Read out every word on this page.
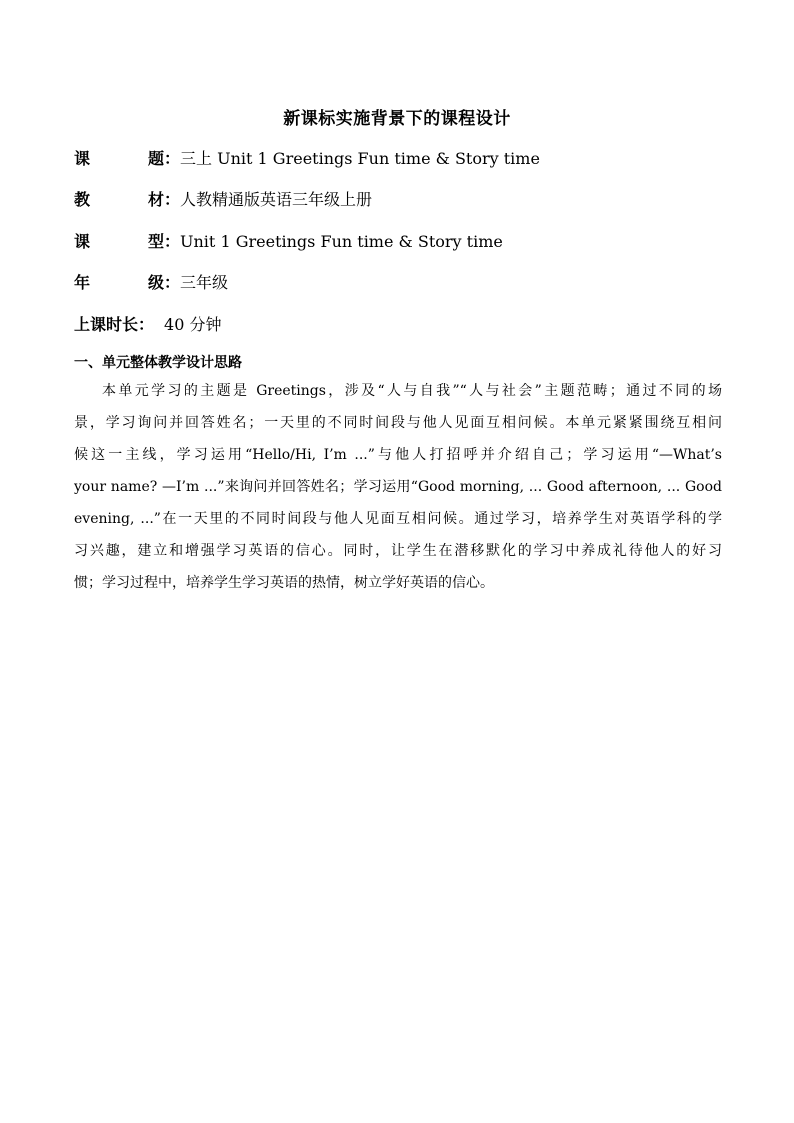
新课标实施背景下的课程设计
课	题 ：三上 Unit 1 Greetings Fun time & Story time
教	材 ：人教精通版英语三年级上册
课	型 ：Unit 1 Greetings Fun time & Story time
年	级 ：三年级
上课时长： 40 分钟
一、单元整体教学设计思路
本单元学习的主题是 Greetings，涉及“人与自我”“人与社会”主题范畴；通过不同的场
景，学习询问并回答姓名；一天里的不同时间段与他人见面互相问候。本单元紧紧围绕互相问
候这一主线，学习运用“Hello/Hi, I’m ...”与他人打招呼并介绍自己；学习运用“—What’s
your name? —I’m ...”来询问并回答姓名；学习运用“Good morning, ... Good afternoon, ... Good
evening, ...”在一天里的不同时间段与他人见面互相问候。通过学习，培养学生对英语学科的学
习兴趣，建立和增强学习英语的信心。同时，让学生在潜移默化的学习中养成礼待他人的好习
惯；学习过程中，培养学生学习英语的热情，树立学好英语的信心。
